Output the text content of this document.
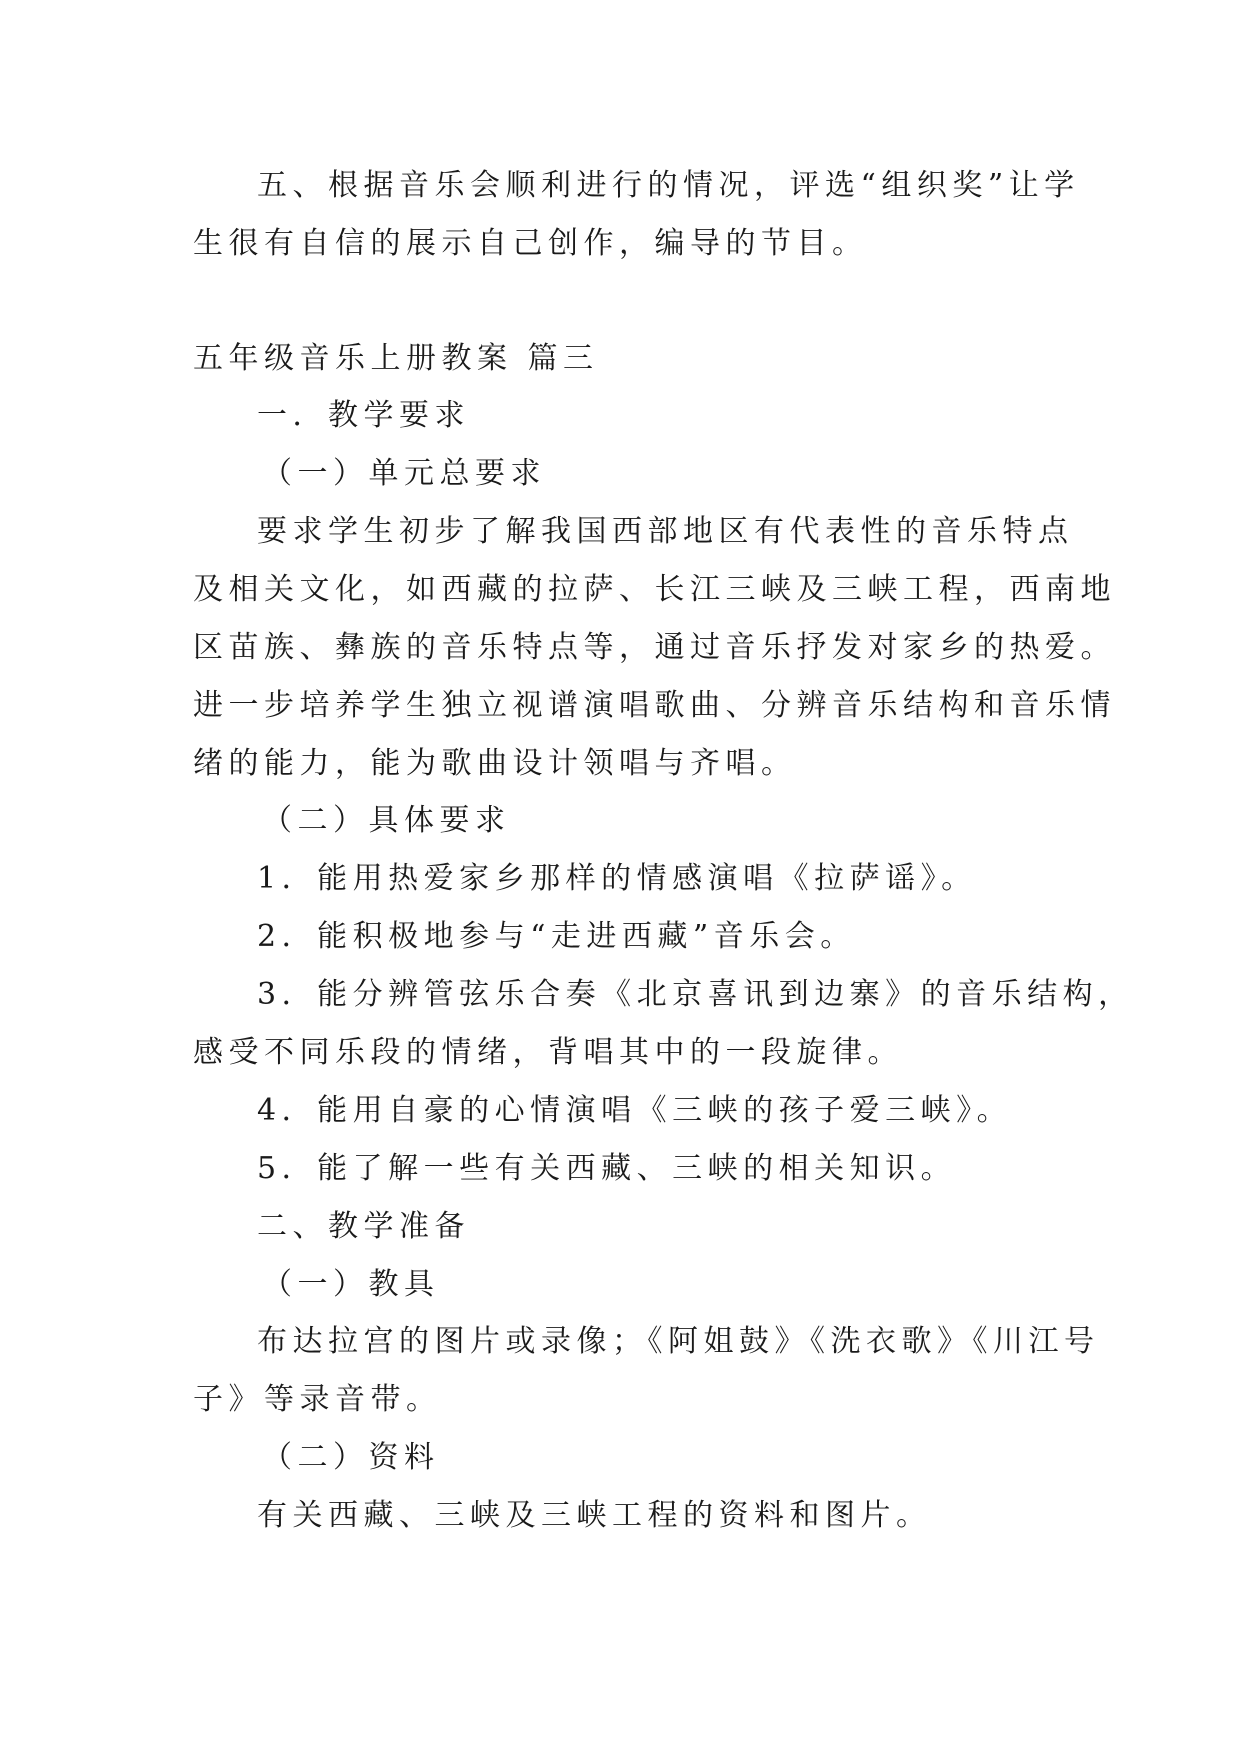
五、根据音乐会顺利进行的情况，评选“组织奖”让学
生很有自信的展示自己创作，编导的节目。
五年级音乐上册教案 篇三
一．教学要求
（一）单元总要求
要求学生初步了解我国西部地区有代表性的音乐特点
及相关文化，如西藏的拉萨、长江三峡及三峡工程，西南地
区苗族、彝族的音乐特点等，通过音乐抒发对家乡的热爱。
进一步培养学生独立视谱演唱歌曲、分辨音乐结构和音乐情
绪的能力，能为歌曲设计领唱与齐唱。
（二）具体要求
1．能用热爱家乡那样的情感演唱《拉萨谣》。
2．能积极地参与“走进西藏”音乐会。
3．能分辨管弦乐合奏《北京喜讯到边寨》的音乐结构，
感受不同乐段的情绪，背唱其中的一段旋律。
4．能用自豪的心情演唱《三峡的孩子爱三峡》。
5．能了解一些有关西藏、三峡的相关知识。
二、教学准备
（一）教具
布达拉宫的图片或录像；《阿姐鼓》《洗衣歌》《川江号
子》等录音带。
（二）资料
有关西藏、三峡及三峡工程的资料和图片。
